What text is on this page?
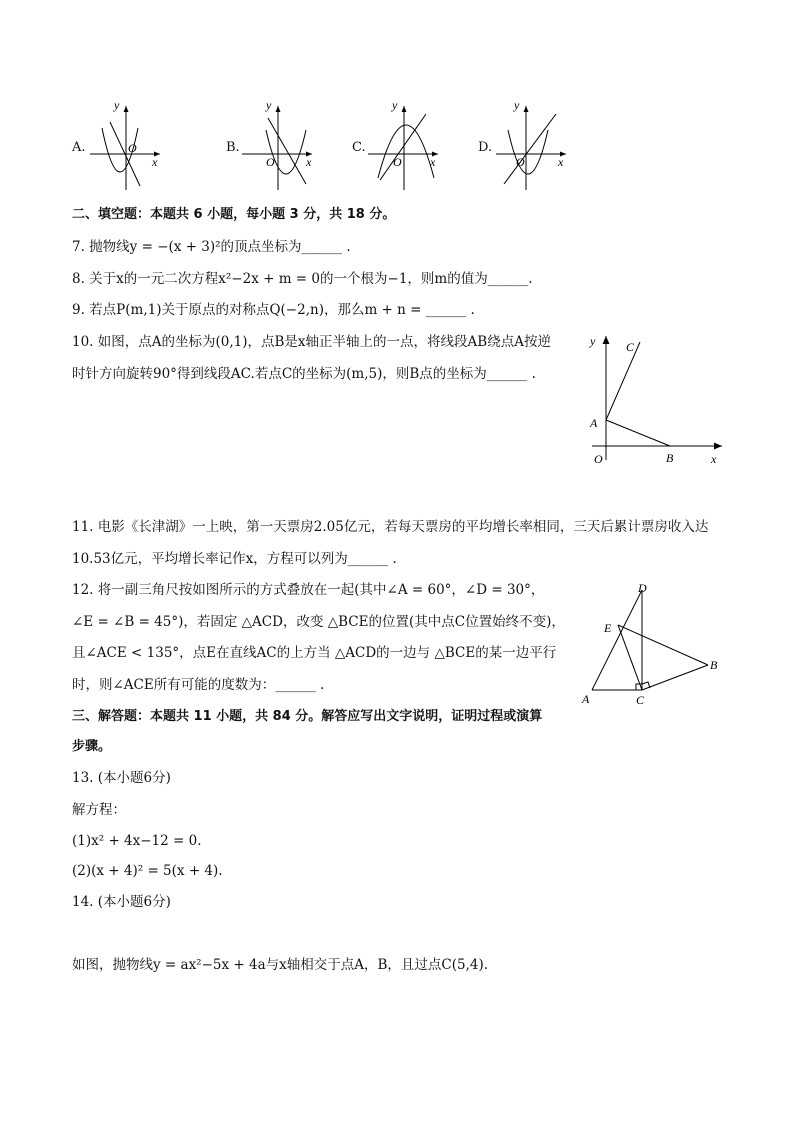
A.
y
O
x
B.
y
O	x
C.
y
O x
D.
y
O	x
二、填空题：本题共 6 小题，每小题 3 分，共 18 分。
7. 抛物线y = −(x + 3)²的顶点坐标为______ .
8. 关于x的一元二次方程x²−2x + m = 0的一个根为−1，则m的值为______.
9. 若点P(m,1)关于原点的对称点Q(−2,n)，那么m + n = ______ .
10. 如图，点A的坐标为(0,1)，点B是x轴正半轴上的一点，将线段AB绕点A按逆
时针方向旋转90°得到线段AC.若点C的坐标为(m,5)，则B点的坐标为______ .
y	C
A
O	B	x
11. 电影《长津湖》一上映，第一天票房2.05亿元，若每天票房的平均增长率相同，三天后累计票房收入达
10.53亿元，平均增长率记作x，方程可以列为______ .
12. 将一副三角尺按如图所示的方式叠放在一起(其中∠A = 60°，∠D = 30°，
∠E = ∠B = 45°)，若固定 △ACD，改变 △BCE的位置(其中点C位置始终不变)，
且∠ACE < 135°，点E在直线AC的上方当 △ACD的一边与 △BCE的某一边平行
时，则∠ACE所有可能的度数为：______ .
D
E
B
A	C
三、解答题：本题共 11 小题，共 84 分。解答应写出文字说明，证明过程或演算
步骤。
13. (本小题6分)
解方程：
(1)x² + 4x−12 = 0.
(2)(x + 4)² = 5(x + 4).
14. (本小题6分)
如图，抛物线y = ax²−5x + 4a与x轴相交于点A，B，且过点C(5,4).
